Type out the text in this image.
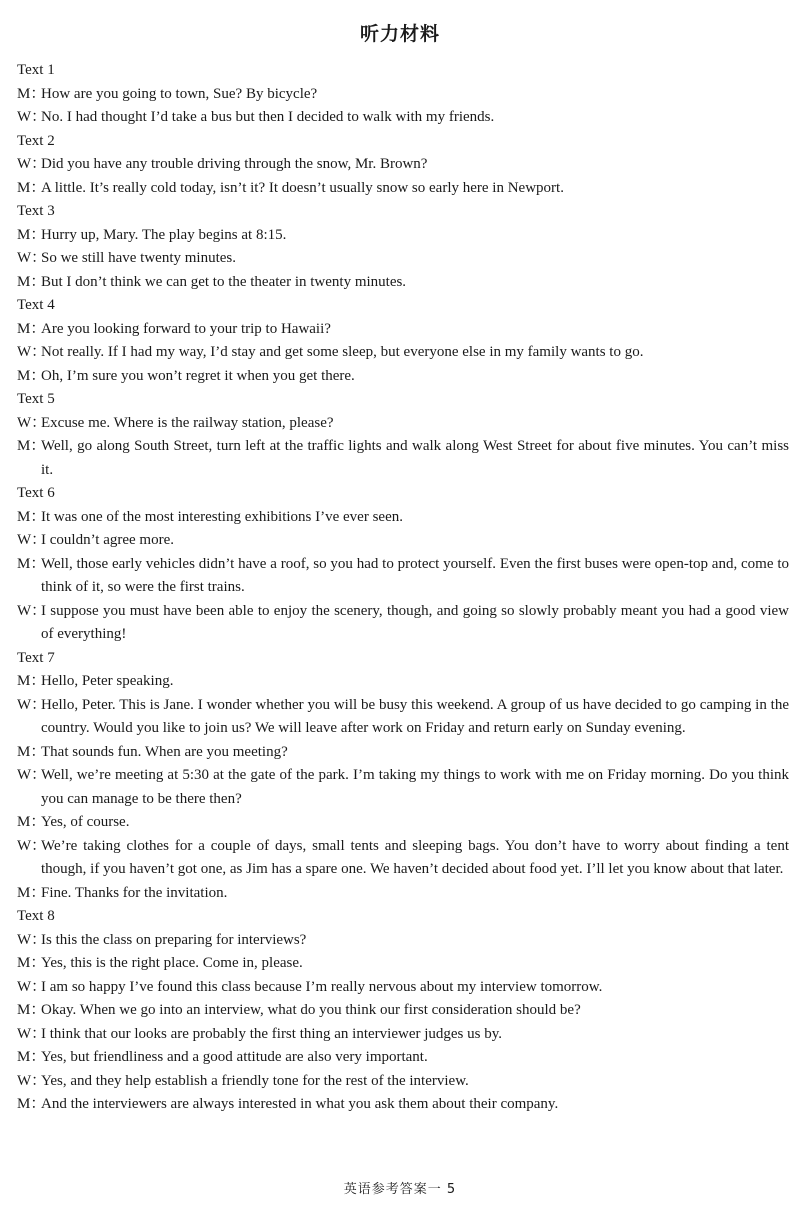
听力材料
Text 1
M：How are you going to town, Sue? By bicycle?
W：No. I had thought I’d take a bus but then I decided to walk with my friends.
Text 2
W：Did you have any trouble driving through the snow, Mr. Brown?
M：A little. It’s really cold today, isn’t it? It doesn’t usually snow so early here in Newport.
Text 3
M：Hurry up, Mary. The play begins at 8:15.
W：So we still have twenty minutes.
M：But I don’t think we can get to the theater in twenty minutes.
Text 4
M：Are you looking forward to your trip to Hawaii?
W：Not really. If I had my way, I’d stay and get some sleep, but everyone else in my family wants to go.
M：Oh, I’m sure you won’t regret it when you get there.
Text 5
W：Excuse me. Where is the railway station, please?
M：Well, go along South Street, turn left at the traffic lights and walk along West Street for about five minutes. You can’t miss it.
Text 6
M：It was one of the most interesting exhibitions I’ve ever seen.
W：I couldn’t agree more.
M：Well, those early vehicles didn’t have a roof, so you had to protect yourself. Even the first buses were open-top and, come to think of it, so were the first trains.
W：I suppose you must have been able to enjoy the scenery, though, and going so slowly probably meant you had a good view of everything!
Text 7
M：Hello, Peter speaking.
W：Hello, Peter. This is Jane. I wonder whether you will be busy this weekend. A group of us have decided to go camping in the country. Would you like to join us? We will leave after work on Friday and return early on Sunday evening.
M：That sounds fun. When are you meeting?
W：Well, we’re meeting at 5:30 at the gate of the park. I’m taking my things to work with me on Friday morning. Do you think you can manage to be there then?
M：Yes, of course.
W：We’re taking clothes for a couple of days, small tents and sleeping bags. You don’t have to worry about finding a tent though, if you haven’t got one, as Jim has a spare one. We haven’t decided about food yet. I’ll let you know about that later.
M：Fine. Thanks for the invitation.
Text 8
W：Is this the class on preparing for interviews?
M：Yes, this is the right place. Come in, please.
W：I am so happy I’ve found this class because I’m really nervous about my interview tomorrow.
M：Okay. When we go into an interview, what do you think our first consideration should be?
W：I think that our looks are probably the first thing an interviewer judges us by.
M：Yes, but friendliness and a good attitude are also very important.
W：Yes, and they help establish a friendly tone for the rest of the interview.
M：And the interviewers are always interested in what you ask them about their company.
英语参考答案一 5
